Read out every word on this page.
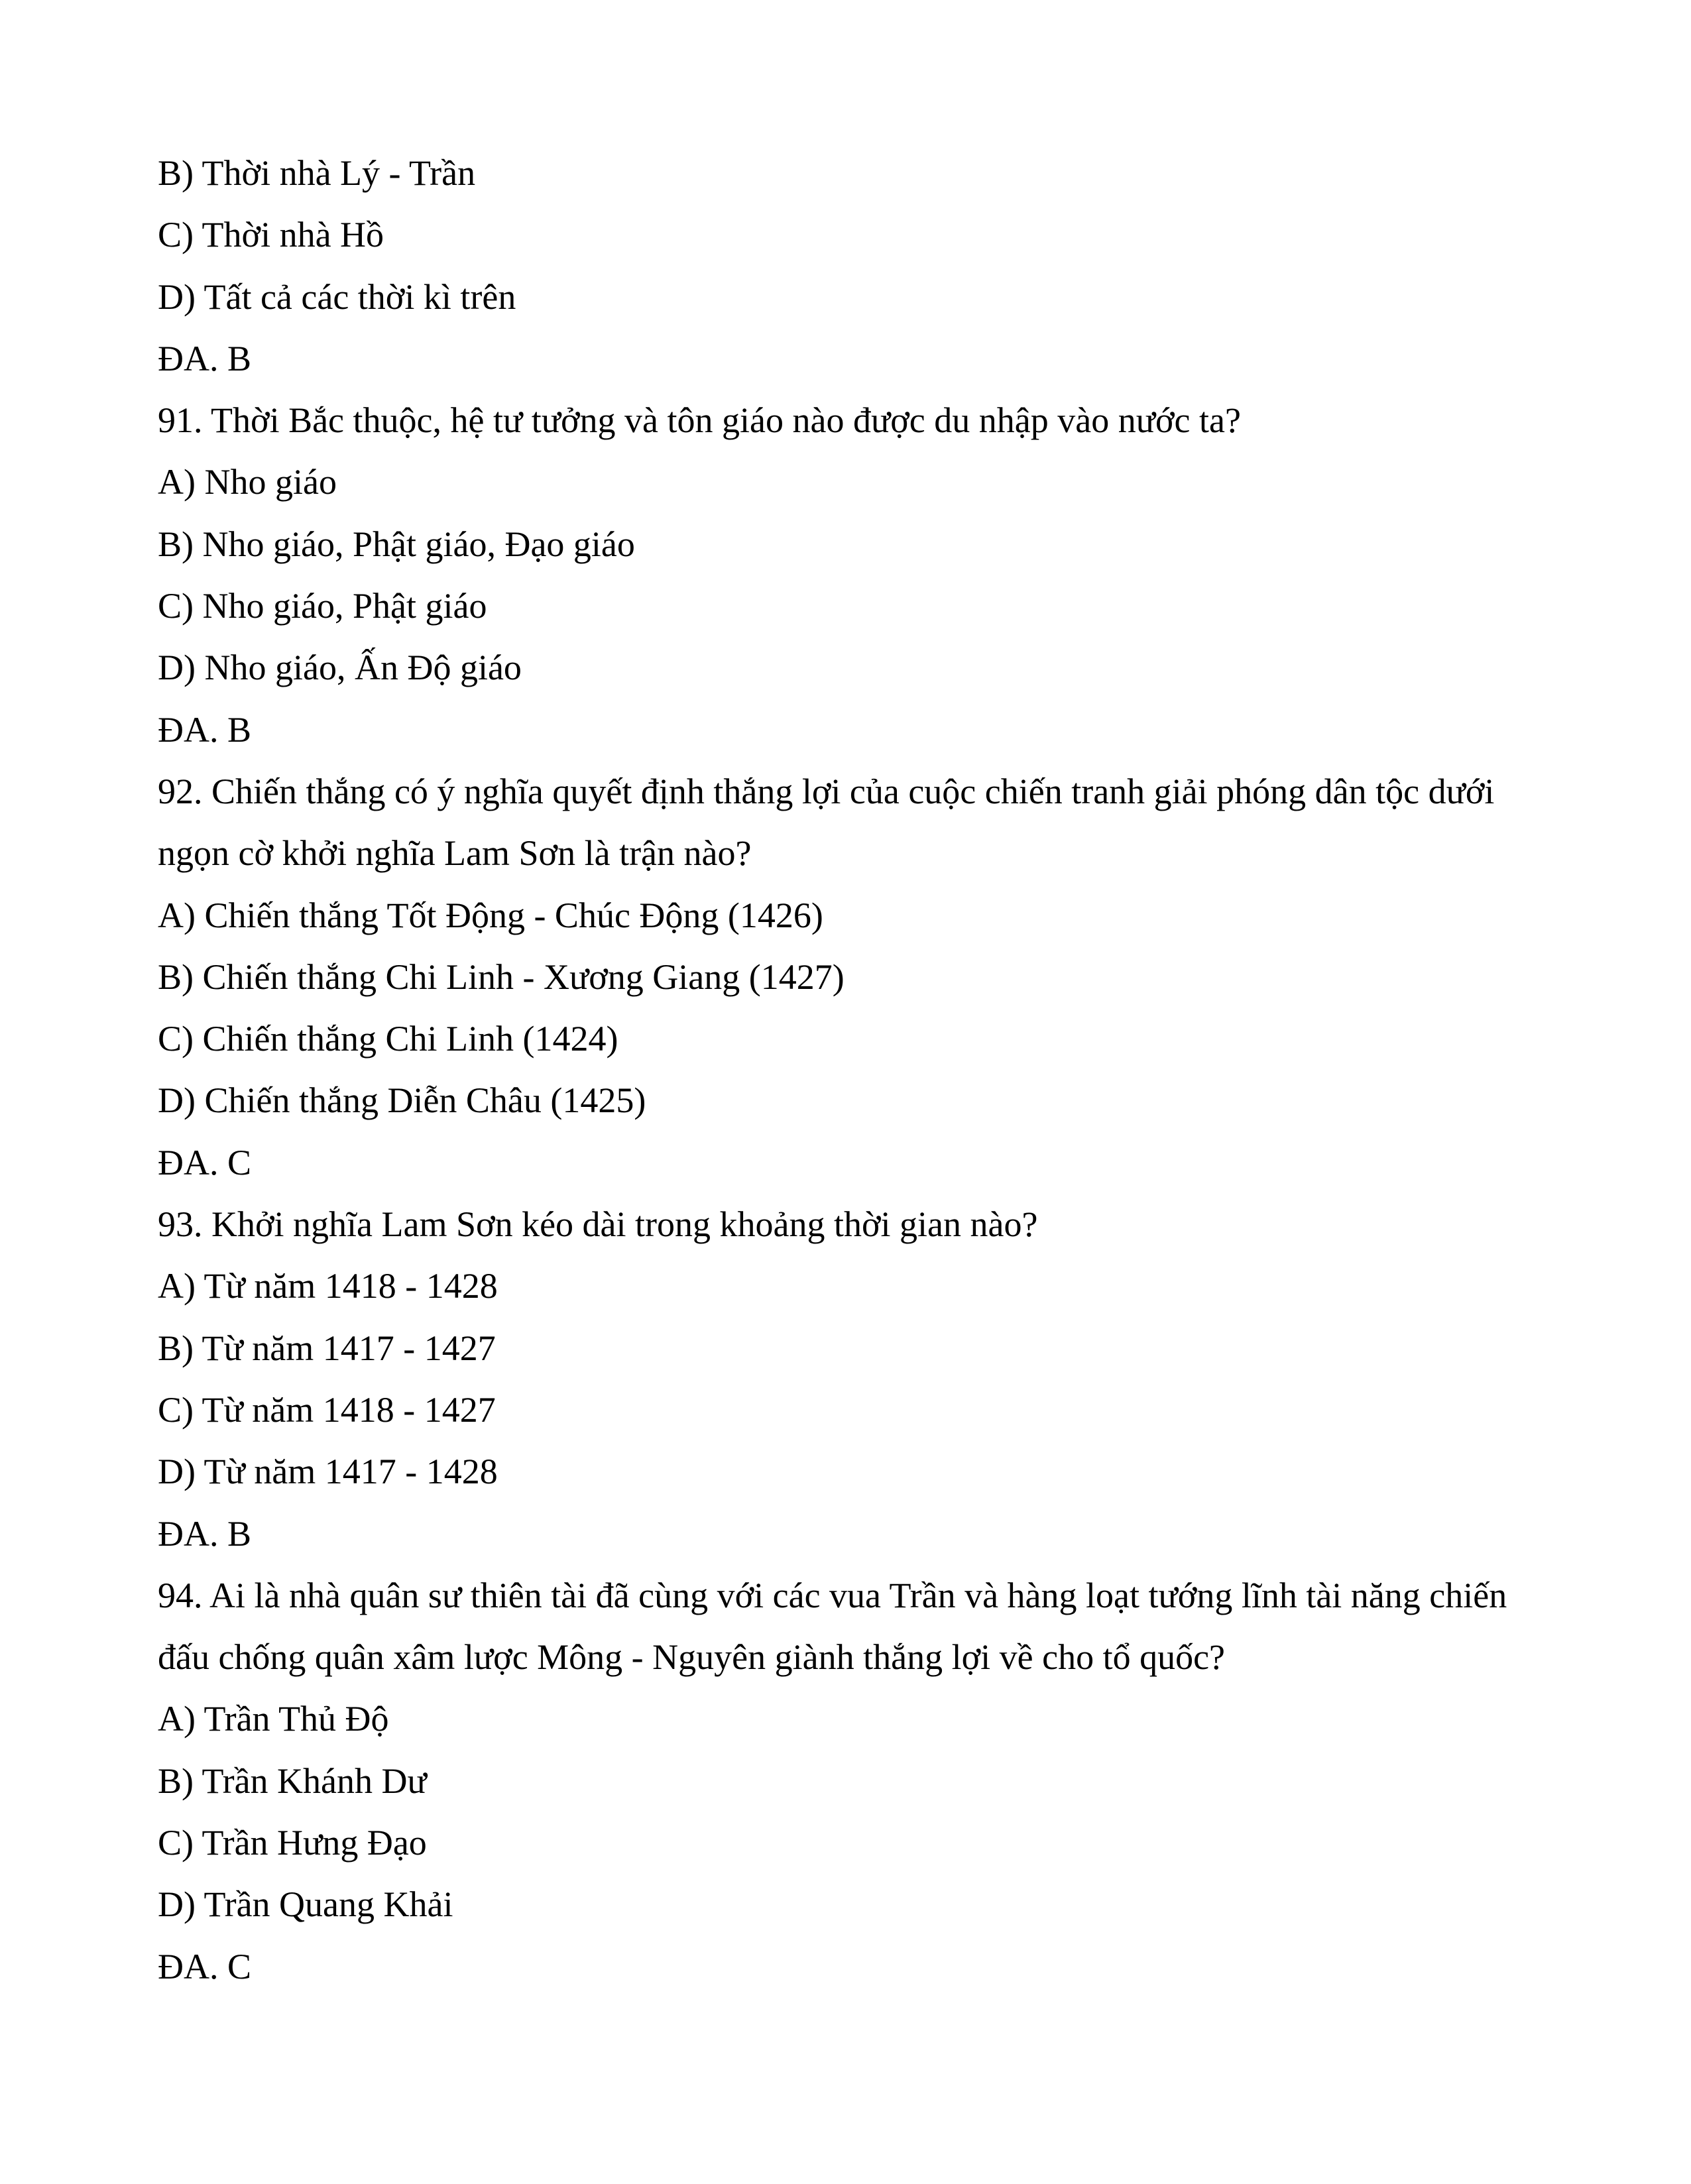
B) Thời nhà Lý - Trần
C) Thời nhà Hồ
D) Tất cả các thời kì trên
ĐA. B
91. Thời Bắc thuộc, hệ tư tưởng và tôn giáo nào được du nhập vào nước ta?
A) Nho giáo
B) Nho giáo, Phật giáo, Đạo giáo
C) Nho giáo, Phật giáo
D) Nho giáo, Ấn Độ giáo
ĐA. B
92. Chiến thắng có ý nghĩa quyết định thắng lợi của cuộc chiến tranh giải phóng dân tộc dưới
ngọn cờ khởi nghĩa Lam Sơn là trận nào?
A) Chiến thắng Tốt Động - Chúc Động (1426)
B) Chiến thắng Chi Linh - Xương Giang (1427)
C) Chiến thắng Chi Linh (1424)
D) Chiến thắng Diễn Châu (1425)
ĐA. C
93. Khởi nghĩa Lam Sơn kéo dài trong khoảng thời gian nào?
A) Từ năm 1418 - 1428
B) Từ năm 1417 - 1427
C) Từ năm 1418 - 1427
D) Từ năm 1417 - 1428
ĐA. B
94. Ai là nhà quân sư thiên tài đã cùng với các vua Trần và hàng loạt tướng lĩnh tài năng chiến
đấu chống quân xâm lược Mông - Nguyên giành thắng lợi về cho tổ quốc?
A) Trần Thủ Độ
B) Trần Khánh Dư
C) Trần Hưng Đạo
D) Trần Quang Khải
ĐA. C
